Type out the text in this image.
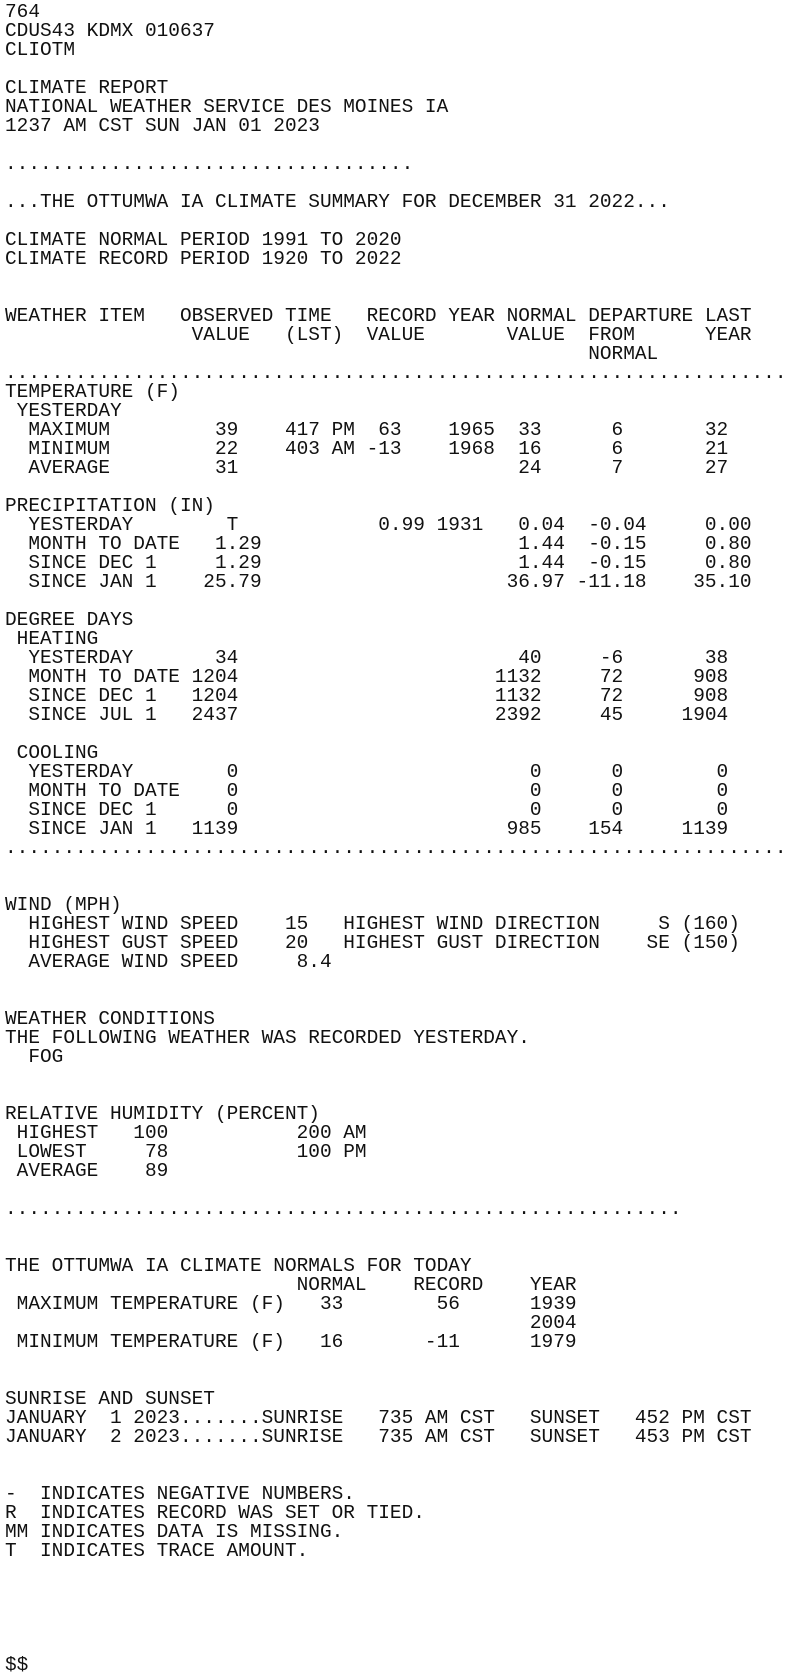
764
CDUS43 KDMX 010637
CLIOTM
CLIMATE REPORT
NATIONAL WEATHER SERVICE DES MOINES IA
1237 AM CST SUN JAN 01 2023
...................................
...THE OTTUMWA IA CLIMATE SUMMARY FOR DECEMBER 31 2022...
CLIMATE NORMAL PERIOD 1991 TO 2020
CLIMATE RECORD PERIOD 1920 TO 2022
WEATHER ITEM   OBSERVED TIME   RECORD YEAR NORMAL DEPARTURE LAST
VALUE   (LST)  VALUE       VALUE  FROM      YEAR
NORMAL
...................................................................
TEMPERATURE (F)
YESTERDAY
MAXIMUM         39    417 PM  63    1965  33      6       32
MINIMUM         22    403 AM -13    1968  16      6       21
AVERAGE         31                        24      7       27
PRECIPITATION (IN)
YESTERDAY        T            0.99 1931   0.04  -0.04     0.00
MONTH TO DATE   1.29                      1.44  -0.15     0.80
SINCE DEC 1     1.29                      1.44  -0.15     0.80
SINCE JAN 1    25.79                     36.97 -11.18    35.10
DEGREE DAYS
HEATING
YESTERDAY       34                        40     -6       38
MONTH TO DATE 1204                      1132     72      908
SINCE DEC 1   1204                      1132     72      908
SINCE JUL 1   2437                      2392     45     1904
COOLING
YESTERDAY        0                         0      0        0
MONTH TO DATE    0                         0      0        0
SINCE DEC 1      0                         0      0        0
SINCE JAN 1   1139                       985    154     1139
...................................................................
WIND (MPH)
HIGHEST WIND SPEED    15   HIGHEST WIND DIRECTION     S (160)
HIGHEST GUST SPEED    20   HIGHEST GUST DIRECTION    SE (150)
AVERAGE WIND SPEED     8.4
WEATHER CONDITIONS
THE FOLLOWING WEATHER WAS RECORDED YESTERDAY.
FOG
RELATIVE HUMIDITY (PERCENT)
HIGHEST   100           200 AM
LOWEST     78           100 PM
AVERAGE    89
..........................................................
THE OTTUMWA IA CLIMATE NORMALS FOR TODAY
NORMAL    RECORD    YEAR
MAXIMUM TEMPERATURE (F)   33        56      1939
2004
MINIMUM TEMPERATURE (F)   16       -11      1979
SUNRISE AND SUNSET
JANUARY  1 2023.......SUNRISE   735 AM CST   SUNSET   452 PM CST
JANUARY  2 2023.......SUNRISE   735 AM CST   SUNSET   453 PM CST
-  INDICATES NEGATIVE NUMBERS.
R  INDICATES RECORD WAS SET OR TIED.
MM INDICATES DATA IS MISSING.
T  INDICATES TRACE AMOUNT.
$$
